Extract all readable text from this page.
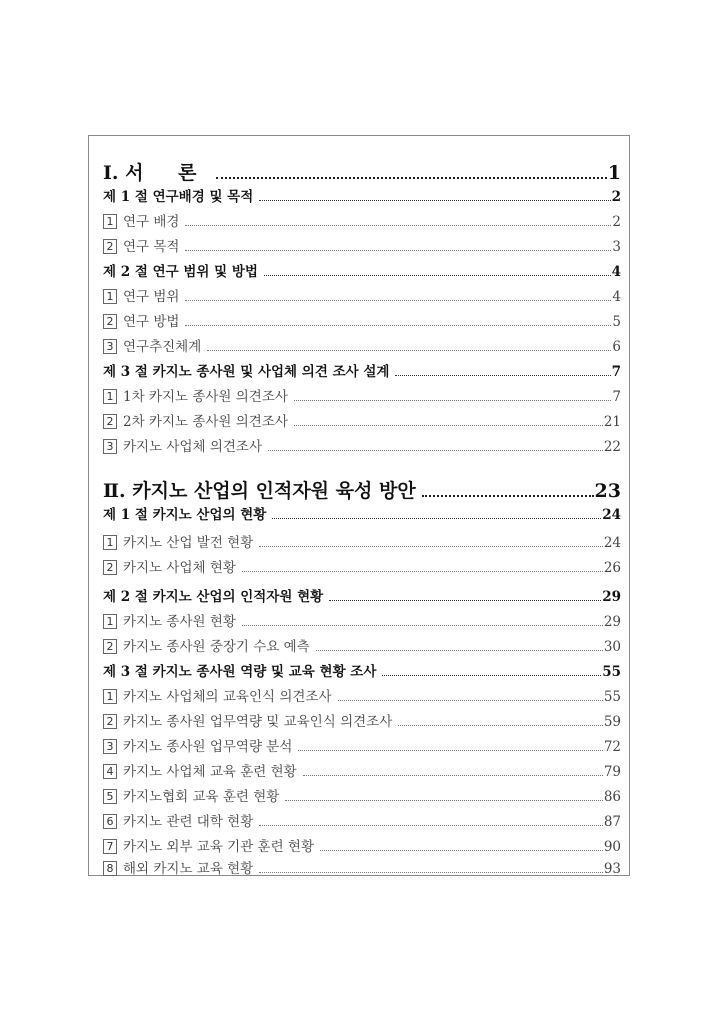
Ⅰ. 서 론	1
제 1 절 연구배경 및 목적	2
1 연구 배경	2
2 연구 목적	3
제 2 절 연구 범위 및 방법	4
1 연구 범위	4
2 연구 방법	5
3 연구추진체계	6
제 3 절 카지노 종사원 및 사업체 의견 조사 설계	7
1 1차 카지노 종사원 의견조사	7
2 2차 카지노 종사원 의견조사	21
3 카지노 사업체 의견조사	22
Ⅱ. 카지노 산업의 인적자원 육성 방안	23
제 1 절 카지노 산업의 현황	24
1 카지노 산업 발전 현황	24
2 카지노 사업체 현황	26
제 2 절 카지노 산업의 인적자원 현황	29
1 카지노 종사원 현황	29
2 카지노 종사원 중장기 수요 예측	30
제 3 절 카지노 종사원 역량 및 교육 현황 조사	55
1 카지노 사업체의 교육인식 의견조사	55
2 카지노 종사원 업무역량 및 교육인식 의견조사	59
3 카지노 종사원 업무역량 분석	72
4 카지노 사업체 교육 훈련 현황	79
5 카지노협회 교육 훈련 현황	86
6 카지노 관련 대학 현황	87
7 카지노 외부 교육 기관 훈련 현황	90
8 해외 카지노 교육 현황	93
